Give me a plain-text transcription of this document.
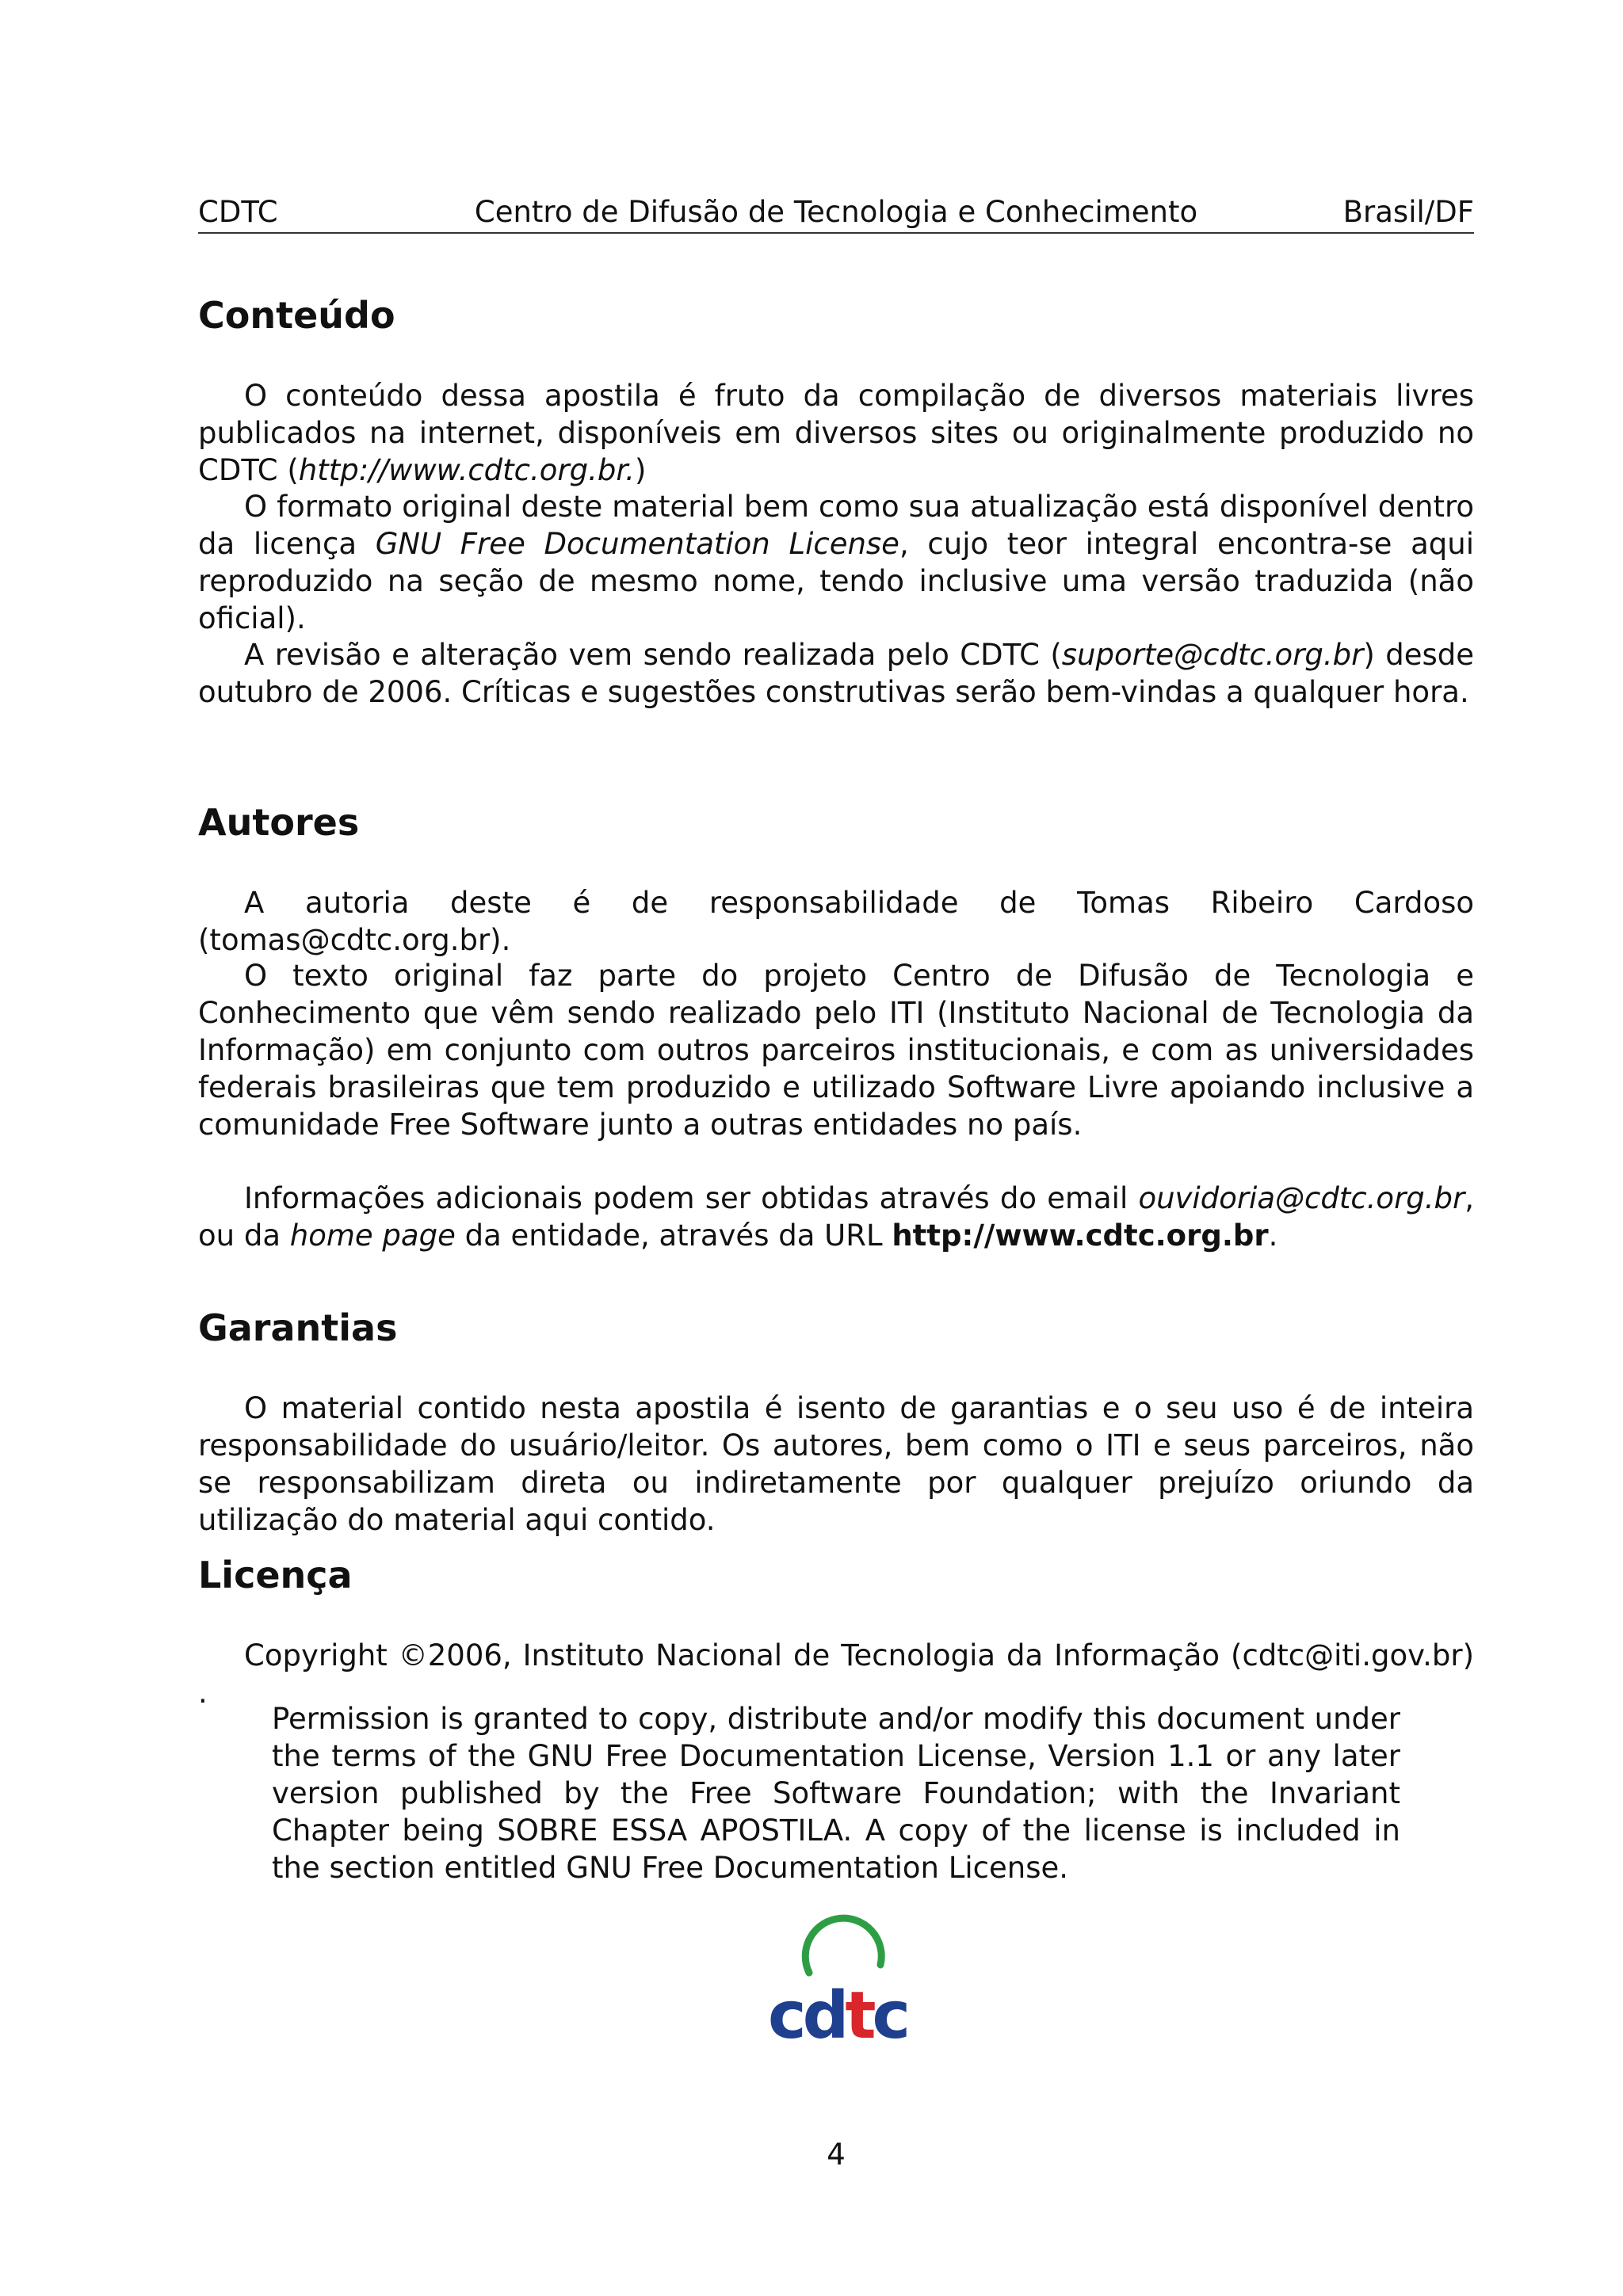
CDTC	Centro de Difusão de Tecnologia e Conhecimento	Brasil/DF
Conteúdo

O conteúdo dessa apostila é fruto da compilação de diversos materiais livres publicados na internet, disponíveis em diversos sites ou originalmente produzido no CDTC (http://www.cdtc.org.br.)

O formato original deste material bem como sua atualização está disponível dentro da licença GNU Free Documentation License, cujo teor integral encontra-se aqui reproduzido na seção de mesmo nome, tendo inclusive uma versão traduzida (não oficial).

A revisão e alteração vem sendo realizada pelo CDTC (suporte@cdtc.org.br) desde outubro de 2006. Críticas e sugestões construtivas serão bem-vindas a qualquer hora.

Autores

A autoria deste é de responsabilidade de Tomas Ribeiro Cardoso (tomas@cdtc.org.br).

O texto original faz parte do projeto Centro de Difusão de Tecnologia e Conhecimento que vêm sendo realizado pelo ITI (Instituto Nacional de Tecnologia da Informação) em conjunto com outros parceiros institucionais, e com as universidades federais brasileiras que tem produzido e utilizado Software Livre apoiando inclusive a comunidade Free Software junto a outras entidades no país.

Informações adicionais podem ser obtidas através do email ouvidoria@cdtc.org.br, ou da home page da entidade, através da URL http://www.cdtc.org.br.

Garantias

O material contido nesta apostila é isento de garantias e o seu uso é de inteira responsabilidade do usuário/leitor. Os autores, bem como o ITI e seus parceiros, não se responsabilizam direta ou indiretamente por qualquer prejuízo oriundo da utilização do material aqui contido.

Licença

Copyright ©2006, Instituto Nacional de Tecnologia da Informação (cdtc@iti.gov.br) .

Permission is granted to copy, distribute and/or modify this document under the terms of the GNU Free Documentation License, Version 1.1 or any later version published by the Free Software Foundation; with the Invariant Chapter being SOBRE ESSA APOSTILA. A copy of the license is included in the section entitled GNU Free Documentation License.

cdtc
4
